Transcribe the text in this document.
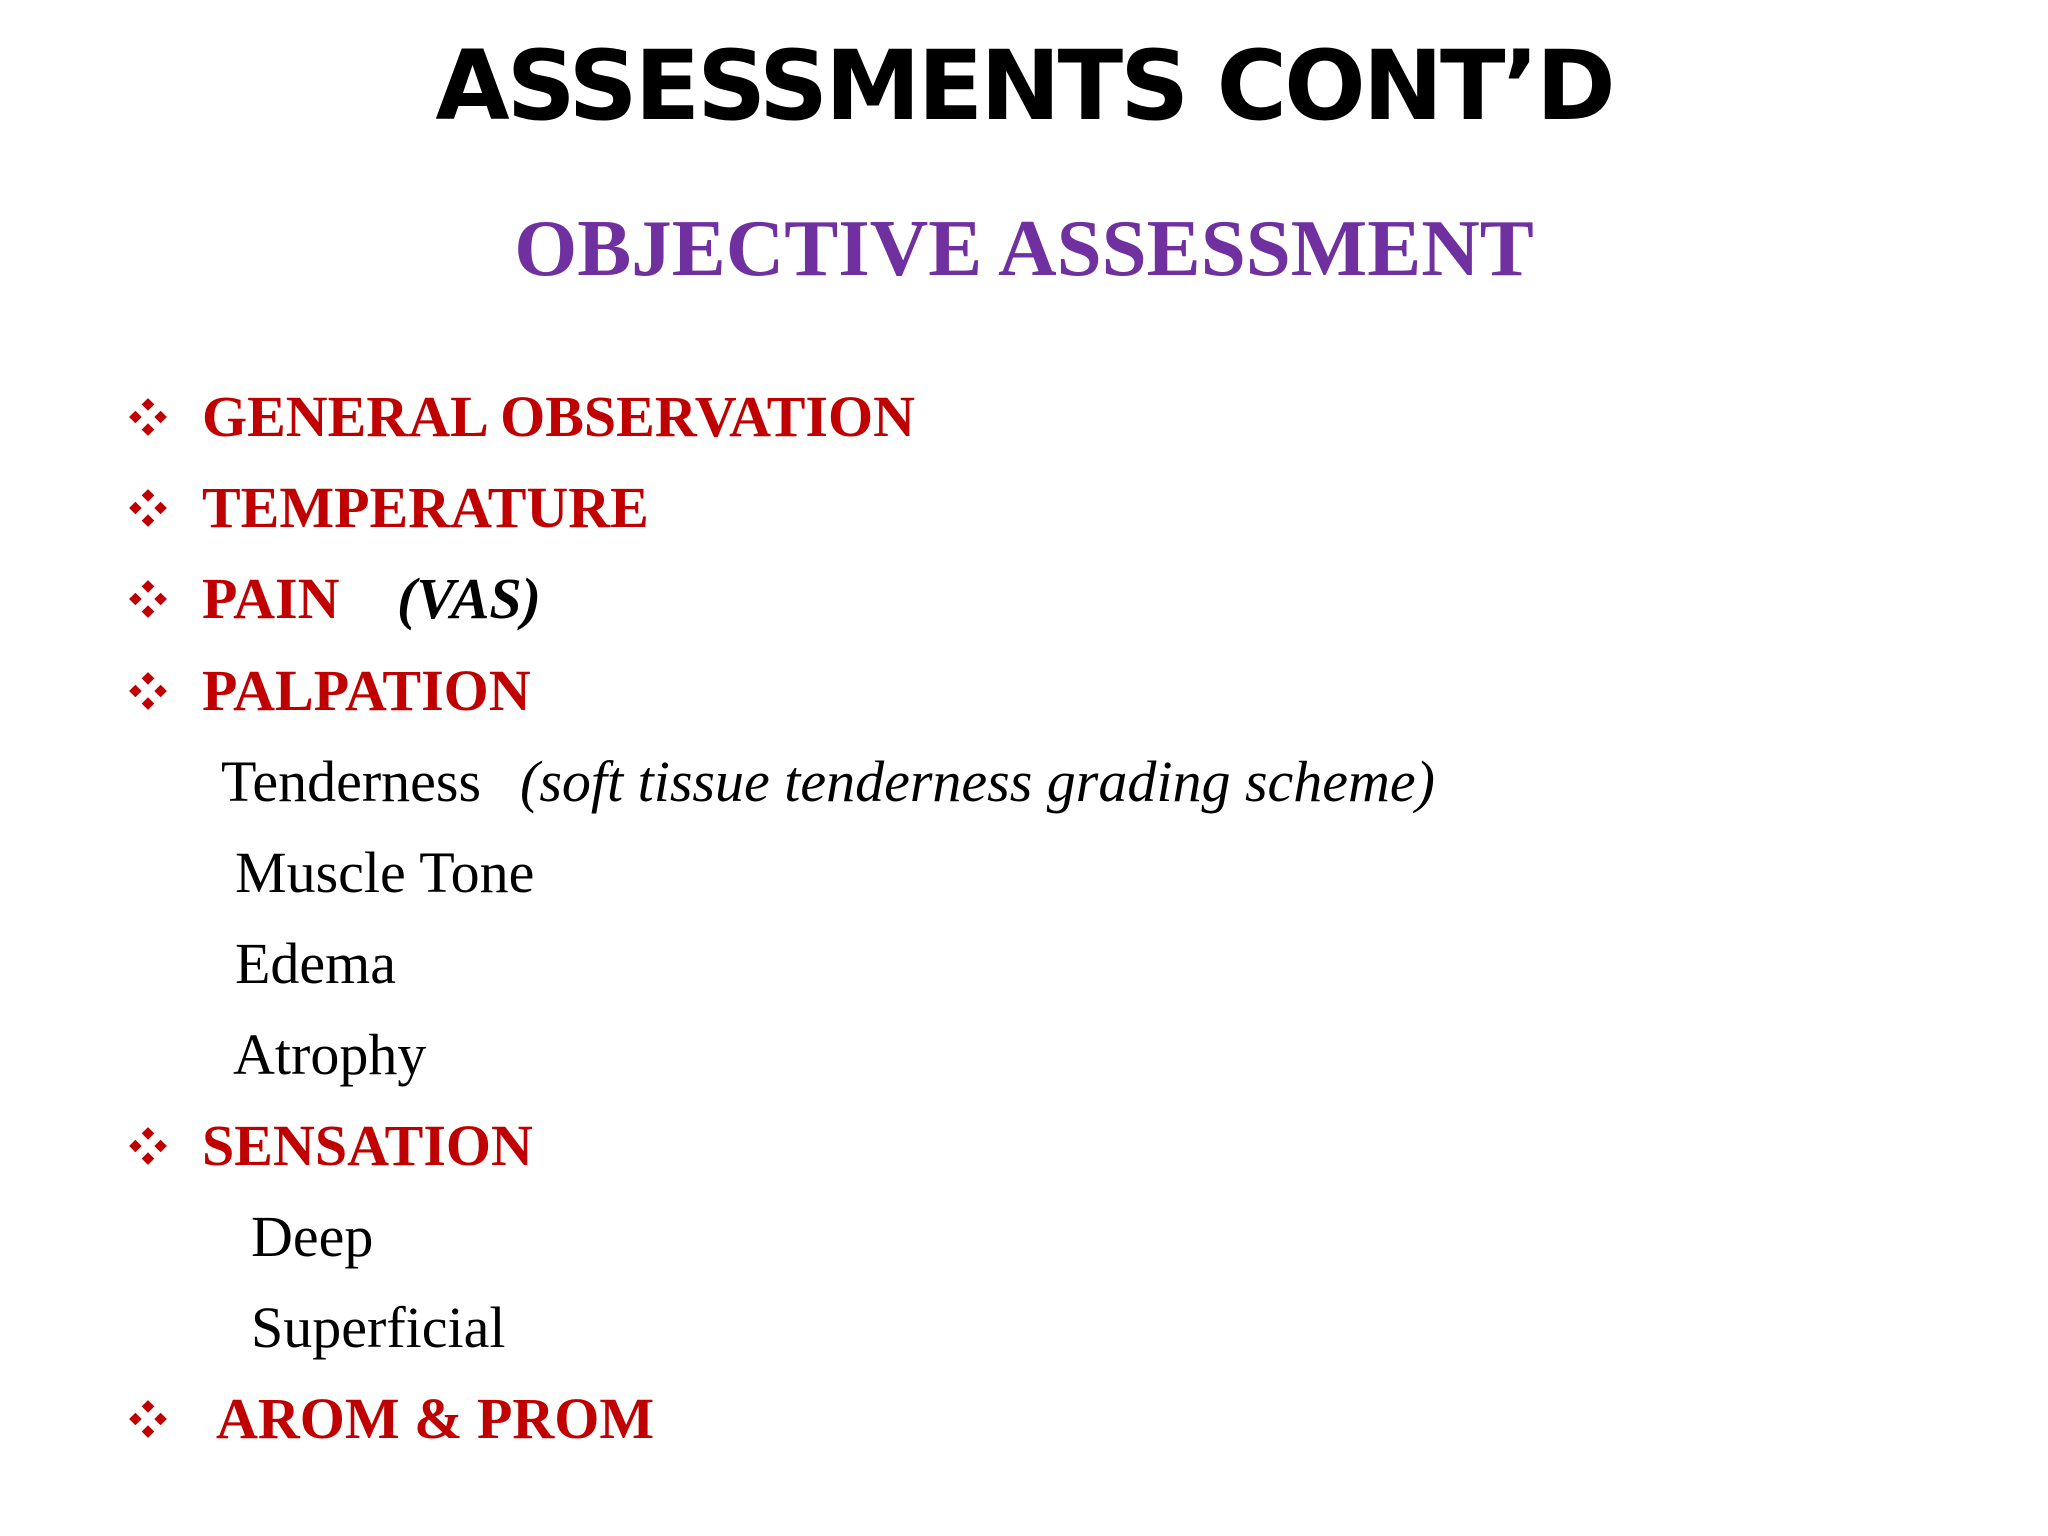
ASSESSMENTS CONT’D
OBJECTIVE ASSESSMENT
GENERAL OBSERVATION
TEMPERATURE
PAIN (VAS)
PALPATION
Tenderness (soft tissue tenderness grading scheme)
Muscle Tone
Edema
Atrophy
SENSATION
Deep
Superficial
AROM & PROM
